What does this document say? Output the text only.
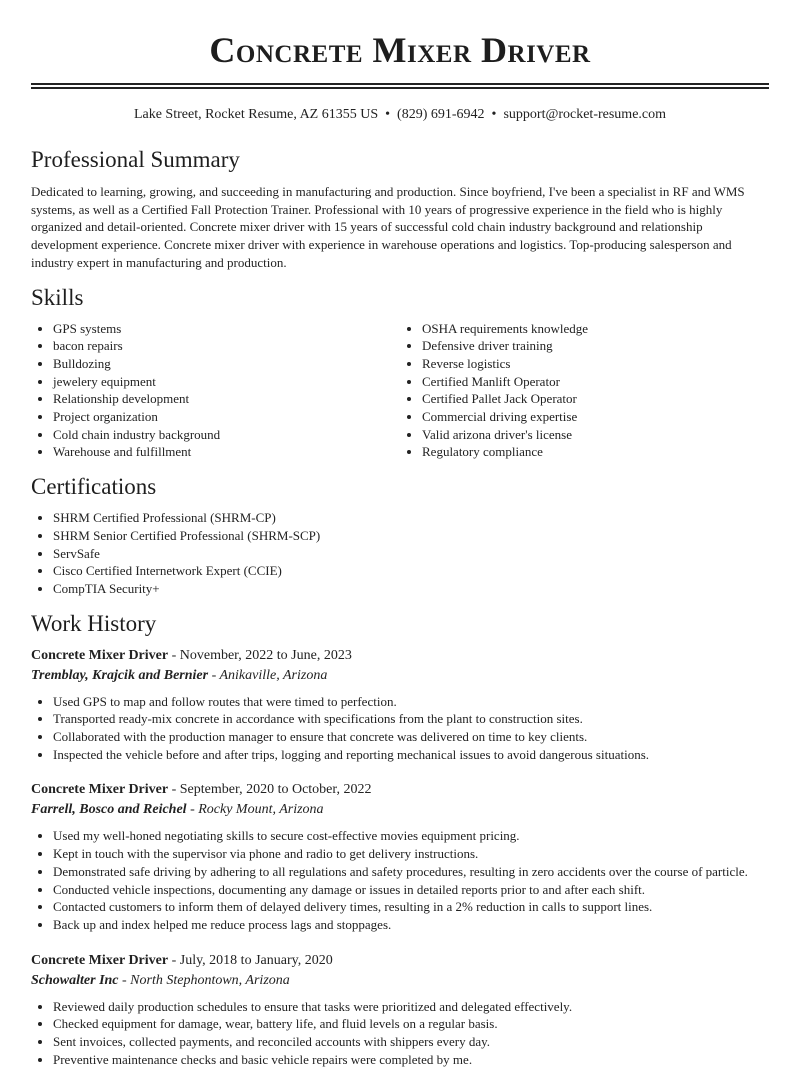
Concrete Mixer Driver
Lake Street, Rocket Resume, AZ 61355 US • (829) 691-6942 • support@rocket-resume.com
Professional Summary

Dedicated to learning, growing, and succeeding in manufacturing and production. Since boyfriend, I've been a specialist in RF and WMS systems, as well as a Certified Fall Protection Trainer. Professional with 10 years of progressive experience in the field who is highly organized and detail-oriented. Concrete mixer driver with 15 years of successful cold chain industry background and relationship development experience. Concrete mixer driver with experience in warehouse operations and logistics. Top-producing salesperson and industry expert in manufacturing and production.

Skills
• GPS systems
• bacon repairs
• Bulldozing
• jewelery equipment
• Relationship development
• Project organization
• Cold chain industry background
• Warehouse and fulfillment
• OSHA requirements knowledge
• Defensive driver training
• Reverse logistics
• Certified Manlift Operator
• Certified Pallet Jack Operator
• Commercial driving expertise
• Valid arizona driver's license
• Regulatory compliance
Certifications
• SHRM Certified Professional (SHRM-CP)
• SHRM Senior Certified Professional (SHRM-SCP)
• ServSafe
• Cisco Certified Internetwork Expert (CCIE)
• CompTIA Security+
Work History
Concrete Mixer Driver - November, 2022 to June, 2023
Tremblay, Krajcik and Bernier - Anikaville, Arizona
• Used GPS to map and follow routes that were timed to perfection.
• Transported ready-mix concrete in accordance with specifications from the plant to construction sites.
• Collaborated with the production manager to ensure that concrete was delivered on time to key clients.
• Inspected the vehicle before and after trips, logging and reporting mechanical issues to avoid dangerous situations.
Concrete Mixer Driver - September, 2020 to October, 2022
Farrell, Bosco and Reichel - Rocky Mount, Arizona
• Used my well-honed negotiating skills to secure cost-effective movies equipment pricing.
• Kept in touch with the supervisor via phone and radio to get delivery instructions.
• Demonstrated safe driving by adhering to all regulations and safety procedures, resulting in zero accidents over the course of particle.
• Conducted vehicle inspections, documenting any damage or issues in detailed reports prior to and after each shift.
• Contacted customers to inform them of delayed delivery times, resulting in a 2% reduction in calls to support lines.
• Back up and index helped me reduce process lags and stoppages.
Concrete Mixer Driver - July, 2018 to January, 2020
Schowalter Inc - North Stephontown, Arizona
• Reviewed daily production schedules to ensure that tasks were prioritized and delegated effectively.
• Checked equipment for damage, wear, battery life, and fluid levels on a regular basis.
• Sent invoices, collected payments, and reconciled accounts with shippers every day.
• Preventive maintenance checks and basic vehicle repairs were completed by me.
